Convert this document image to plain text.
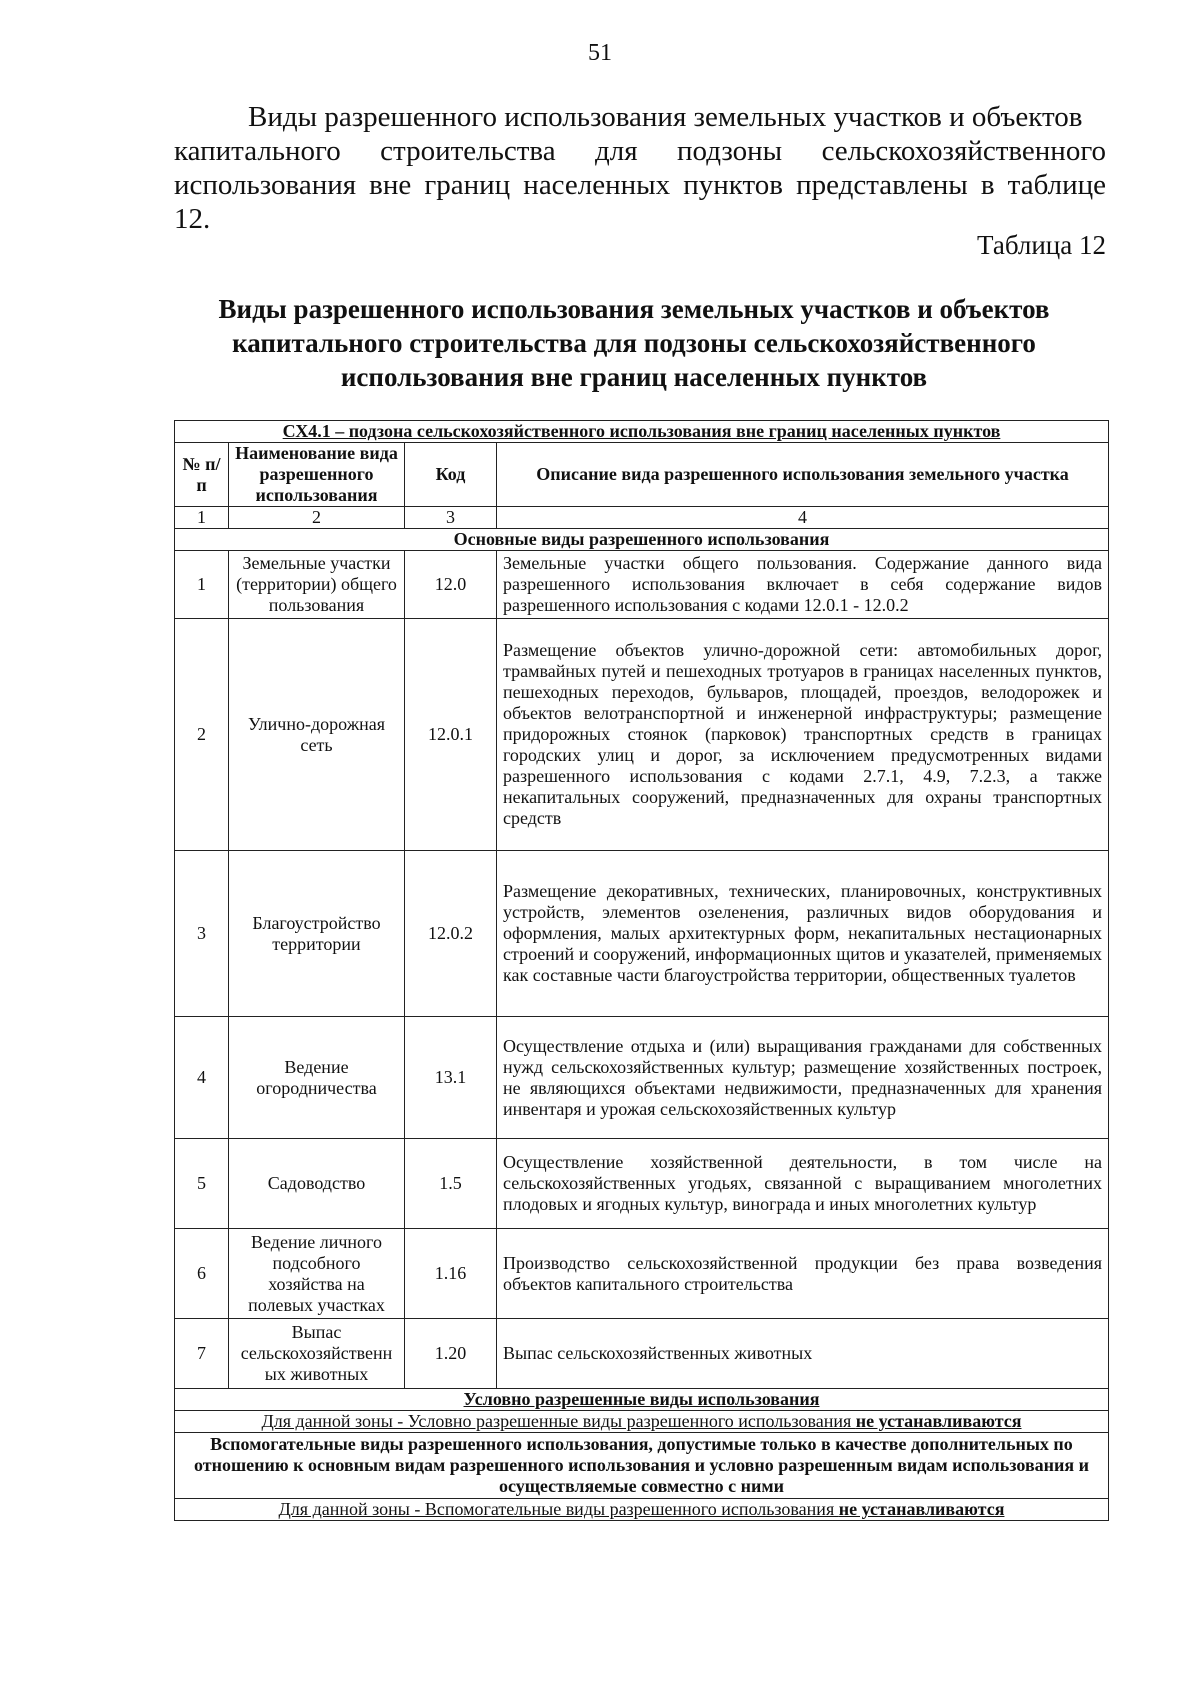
51
Виды разрешенного использования земельных участков и объектов
капитального строительства для подзоны сельскохозяйственного использования вне границ населенных пунктов представлены в таблице 12.
Таблица 12
Виды разрешенного использования земельных участков и объектов капитального строительства для подзоны сельскохозяйственного использования вне границ населенных пунктов
СХ4.1 – подзона сельскохозяйственного использования вне границ населенных пунктов			
№ п/п	Наименование вида разрешенного использования	Код	Описание вида разрешенного использования земельного участка
1	2	3	4
Основные виды разрешенного использования			
1	Земельные участки (территории) общего пользования	12.0	Земельные участки общего пользования. Содержание данного вида разрешенного использования включает в себя содержание видов разрешенного использования с кодами 12.0.1 - 12.0.2
2	Улично-дорожная сеть	12.0.1	Размещение объектов улично-дорожной сети: автомобильных дорог, трамвайных путей и пешеходных тротуаров в границах населенных пунктов, пешеходных переходов, бульваров, площадей, проездов, велодорожек и объектов велотранспортной и инженерной инфраструктуры; размещение придорожных стоянок (парковок) транспортных средств в границах городских улиц и дорог, за исключением предусмотренных видами разрешенного использования с кодами 2.7.1, 4.9, 7.2.3, а также некапитальных сооружений, предназначенных для охраны транспортных средств
3	Благоустройство территории	12.0.2	Размещение декоративных, технических, планировочных, конструктивных устройств, элементов озеленения, различных видов оборудования и оформления, малых архитектурных форм, некапитальных нестационарных строений и сооружений, информационных щитов и указателей, применяемых как составные части благоустройства территории, общественных туалетов
4	Ведение огородничества	13.1	Осуществление отдыха и (или) выращивания гражданами для собственных нужд сельскохозяйственных культур; размещение хозяйственных построек, не являющихся объектами недвижимости, предназначенных для хранения инвентаря и урожая сельскохозяйственных культур
5	Садоводство	1.5	Осуществление хозяйственной деятельности, в том числе на сельскохозяйственных угодьях, связанной с выращиванием многолетних плодовых и ягодных культур, винограда и иных многолетних культур
6	Ведение личного подсобного хозяйства на полевых участках	1.16	Производство сельскохозяйственной продукции без права возведения объектов капитального строительства
7	Выпас сельскохозяйственн ых животных	1.20	Выпас сельскохозяйственных животных
Условно разрешенные виды использования			
Для данной зоны - Условно разрешенные виды разрешенного использования не устанавливаются			
Вспомогательные виды разрешенного использования, допустимые только в качестве дополнительных по отношению к основным видам разрешенного использования и условно разрешенным видам использования и осуществляемые совместно с ними			
Для данной зоны - Вспомогательные виды разрешенного использования не устанавливаются			
